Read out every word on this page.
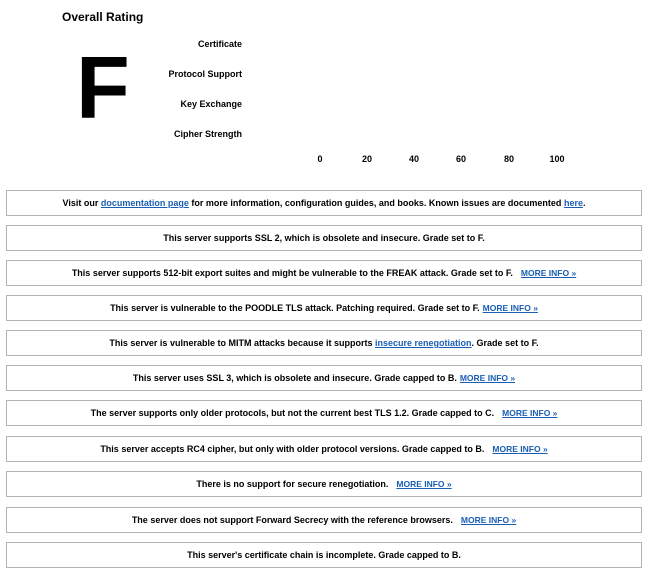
Overall Rating
F	Certificate
Protocol Support
Key Exchange
Cipher Strength
0	20	40	60	80	100
Visit our
documentation page
for more information, configuration guides, and books. Known issues are documented
here .
This server supports SSL 2, which is obsolete and insecure. Grade set to F.
This server supports 512-bit export suites and might be vulnerable to the FREAK attack. Grade set to F. MORE INFO »
This server is vulnerable to the POODLE TLS attack. Patching required. Grade set to F. MORE INFO »
This server is vulnerable to MITM attacks because it supports
insecure renegotiation . Grade set to F.
This server uses SSL 3, which is obsolete and insecure. Grade capped to B. MORE INFO »
The server supports only older protocols, but not the current best TLS 1.2. Grade capped to C. MORE INFO »
This server accepts RC4 cipher, but only with older protocol versions. Grade capped to B. MORE INFO »
There is no support for secure renegotiation. MORE INFO »
The server does not support Forward Secrecy with the reference browsers. MORE INFO »
This server's certificate chain is incomplete. Grade capped to B.
